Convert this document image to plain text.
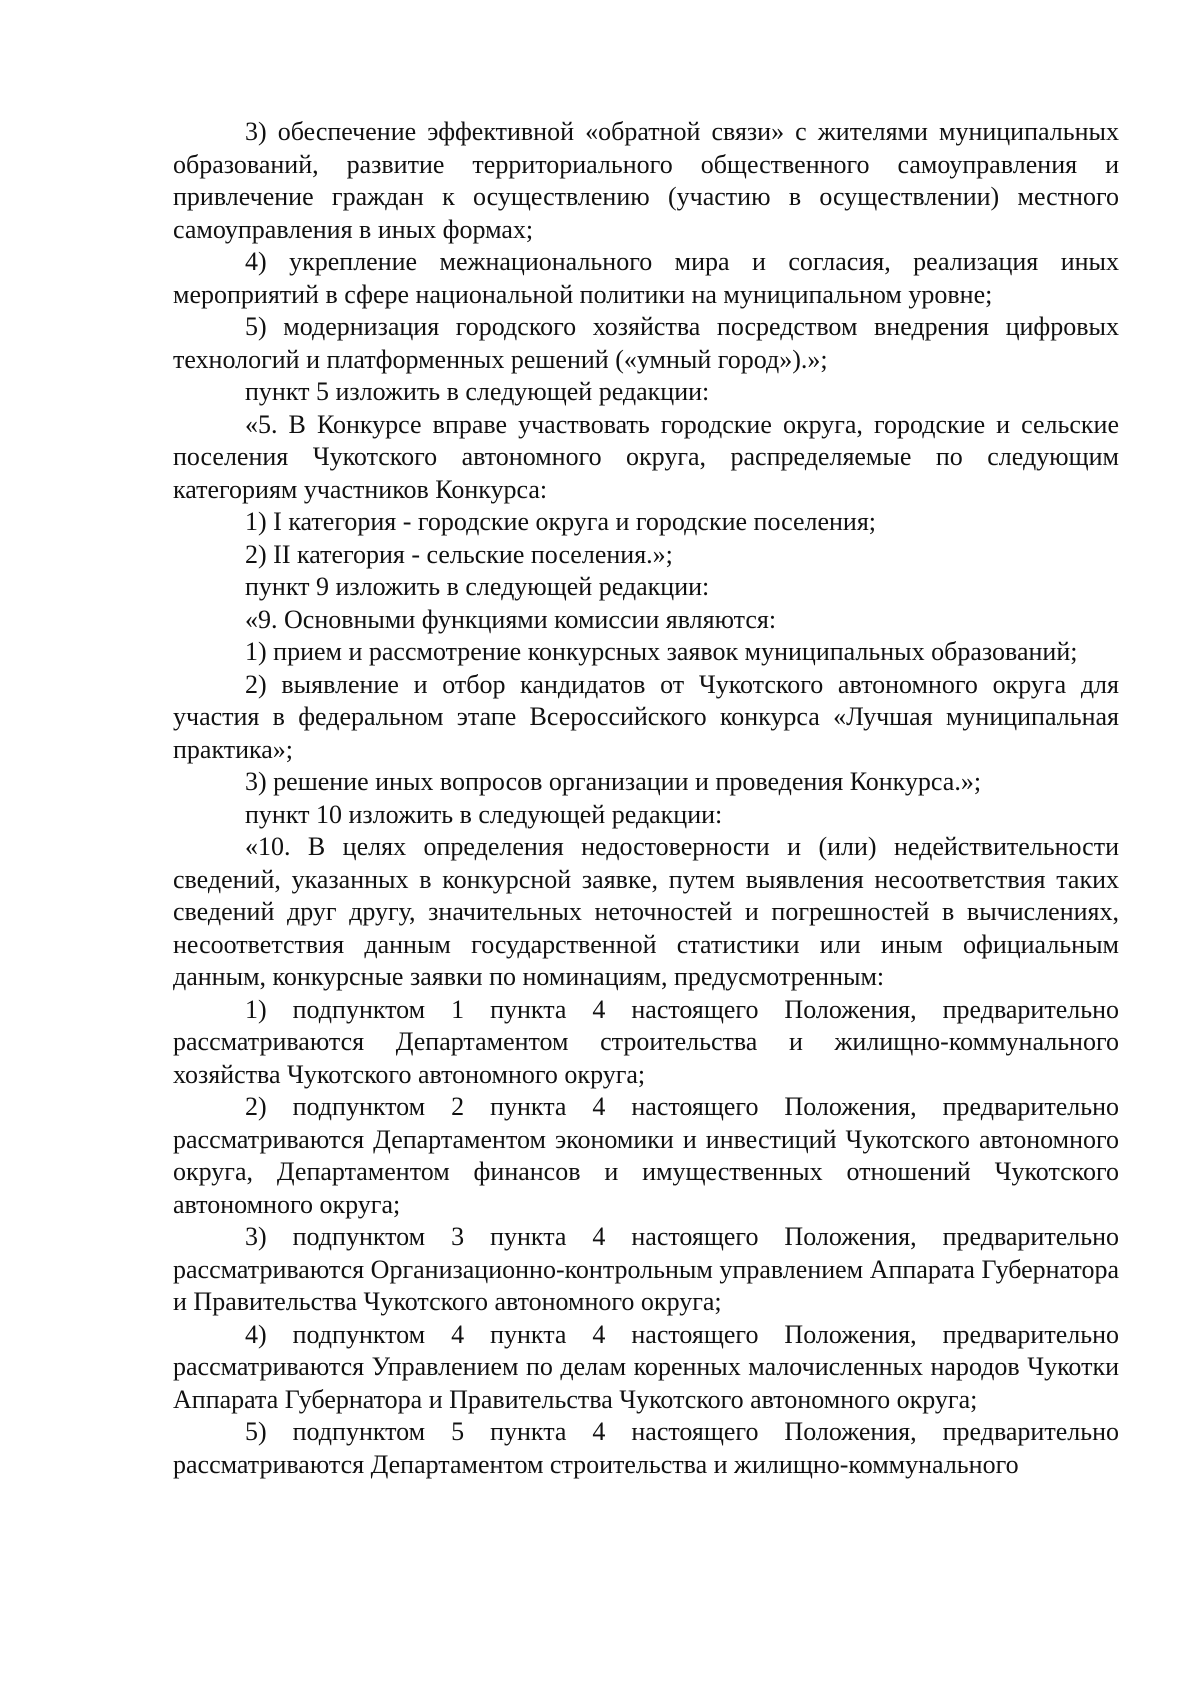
3) обеспечение эффективной «обратной связи» с жителями муниципальных образований, развитие территориального общественного самоуправления и привлечение граждан к осуществлению (участию в осуществлении) местного самоуправления в иных формах;

4) укрепление межнационального мира и согласия, реализация иных мероприятий в сфере национальной политики на муниципальном уровне;

5) модернизация городского хозяйства посредством внедрения цифровых технологий и платформенных решений («умный город»).»;

пункт 5 изложить в следующей редакции:

«5. В Конкурсе вправе участвовать городские округа, городские и сельские поселения Чукотского автономного округа, распределяемые по следующим категориям участников Конкурса:

1) I категория - городские округа и городские поселения;

2) II категория - сельские поселения.»;

пункт 9 изложить в следующей редакции:

«9. Основными функциями комиссии являются:

1) прием и рассмотрение конкурсных заявок муниципальных образований;

2) выявление и отбор кандидатов от Чукотского автономного округа для участия в федеральном этапе Всероссийского конкурса «Лучшая муниципальная практика»;

3) решение иных вопросов организации и проведения Конкурса.»;

пункт 10 изложить в следующей редакции:

«10. В целях определения недостоверности и (или) недействительности сведений, указанных в конкурсной заявке, путем выявления несоответствия таких сведений друг другу, значительных неточностей и погрешностей в вычислениях, несоответствия данным государственной статистики или иным официальным данным, конкурсные заявки по номинациям, предусмотренным:

1) подпунктом 1 пункта 4 настоящего Положения, предварительно рассматриваются Департаментом строительства и жилищно-коммунального хозяйства Чукотского автономного округа;

2) подпунктом 2 пункта 4 настоящего Положения, предварительно рассматриваются Департаментом экономики и инвестиций Чукотского автономного округа, Департаментом финансов и имущественных отношений Чукотского автономного округа;

3) подпунктом 3 пункта 4 настоящего Положения, предварительно рассматриваются Организационно-контрольным управлением Аппарата Губернатора и Правительства Чукотского автономного округа;

4) подпунктом 4 пункта 4 настоящего Положения, предварительно рассматриваются Управлением по делам коренных малочисленных народов Чукотки Аппарата Губернатора и Правительства Чукотского автономного округа;

5) подпунктом 5 пункта 4 настоящего Положения, предварительно рассматриваются Департаментом строительства и жилищно-коммунального
